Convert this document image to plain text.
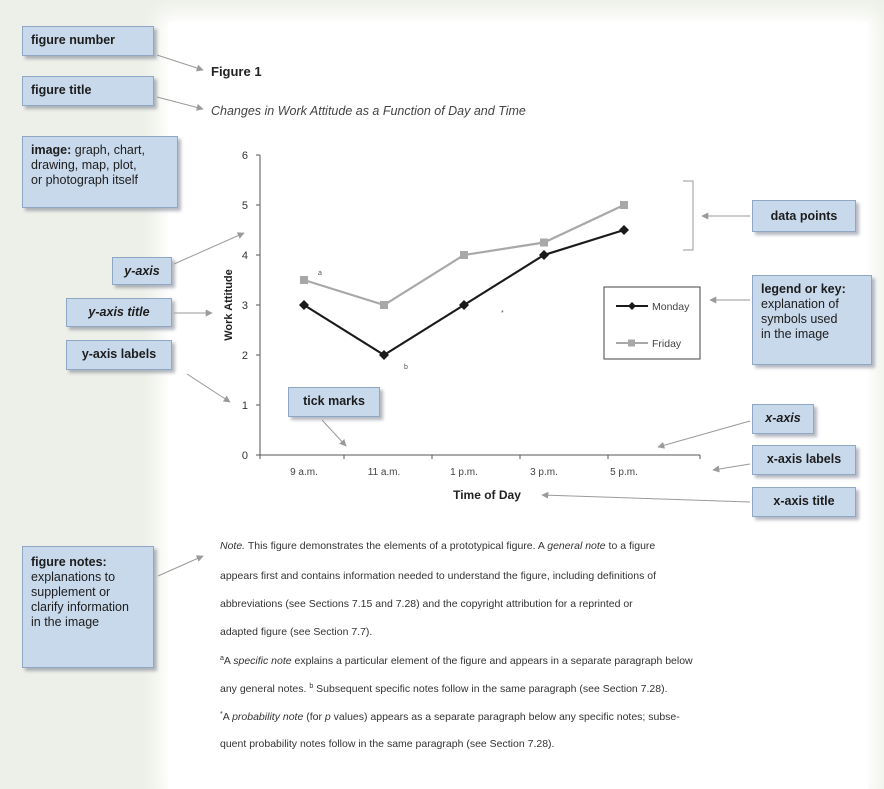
Figure 1
Changes in Work Attitude as a Function of Day and Time
figure number
figure title
image: graph, chart,
drawing, map, plot,
or photograph itself
y-axis
y-axis title
y-axis labels
tick marks
data points
legend or key:
explanation of
symbols used
in the image
x-axis
x-axis labels
x-axis title
figure notes:
explanations to
supplement or
clarify information
in the image
0
1
2
3
4
5
6
9 a.m.	11 a.m.	1 p.m.	3 p.m.	5 p.m.
Time of Day
Work Attitude	a
b
*
Monday
Friday
Note. This figure demonstrates the elements of a prototypical figure. A general note to a figure
appears first and contains information needed to understand the figure, including definitions of
abbreviations (see Sections 7.15 and 7.28) and the copyright attribution for a reprinted or
adapted figure (see Section 7.7).
$^a$A specific note explains a particular element of the figure and appears in a separate paragraph below
any general notes. $^b$ Subsequent specific notes follow in the same paragraph (see Section 7.28).
*A probability note (for p values) appears as a separate paragraph below any specific notes; subse-
quent probability notes follow in the same paragraph (see Section 7.28).
